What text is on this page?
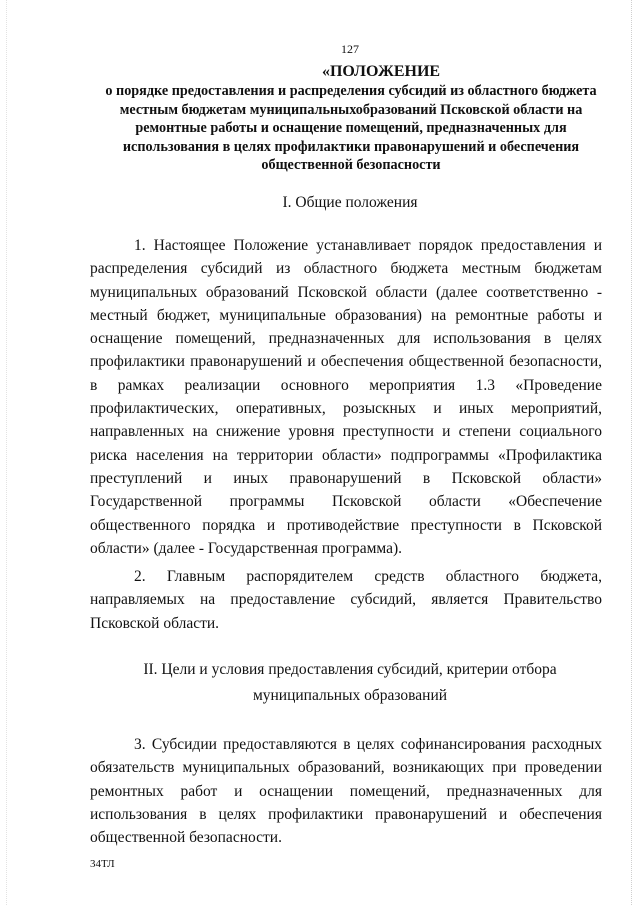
127
«ПОЛОЖЕНИЕ
о порядке предоставления и распределения субсидий из областного бюджета местным бюджетам муниципальныхобразований Псковской области на ремонтные работы и оснащение помещений, предназначенных для использования в целях профилактики правонарушений и обеспечения общественной безопасности
I. Общие положения

1. Настоящее Положение устанавливает порядок предоставления и распределения субсидий из областного бюджета местным бюджетам муниципальных образований Псковской области (далее соответственно - местный бюджет, муниципальные образования) на ремонтные работы и оснащение помещений, предназначенных для использования в целях профилактики правонарушений и обеспечения общественной безопасности, в рамках реализации основного мероприятия 1.3 «Проведение профилактических, оперативных, розыскных и иных мероприятий, направленных на снижение уровня преступности и степени социального риска населения на территории области» подпрограммы «Профилактика преступлений и иных правонарушений в Псковской области» Государственной программы Псковской области «Обеспечение общественного порядка и противодействие преступности в Псковской области» (далее - Государственная программа).

2. Главным распорядителем средств областного бюджета, направляемых на предоставление субсидий, является Правительство Псковской области.

II. Цели и условия предоставления субсидий, критерии отбора муниципальных образований

3. Субсидии предоставляются в целях софинансирования расходных обязательств муниципальных образований, возникающих при проведении ремонтных работ и оснащении помещений, предназначенных для использования в целях профилактики правонарушений и обеспечения общественной безопасности.

34ТЛ
